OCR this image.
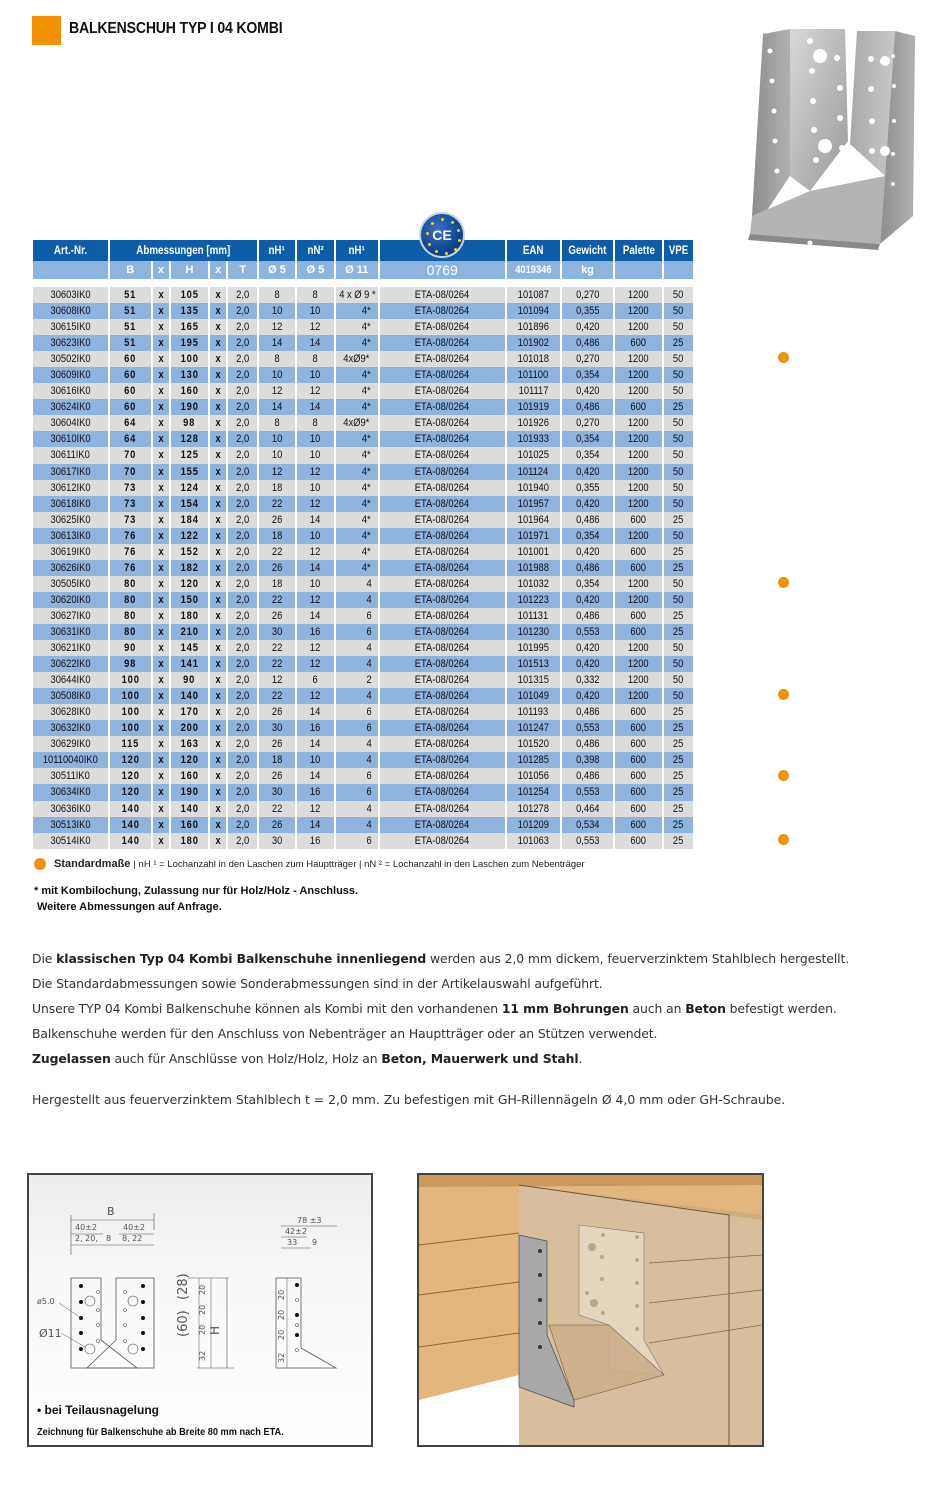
BALKENSCHUH TYP I 04 KOMBI
CE
Art.-Nr.	Abmessungen [mm]					nH¹	nN²	nH¹		EAN	Gewicht	Palette	VPE
	B	x	H	x	T	Ø 5	Ø 5	Ø 11	0769	4019346	kg		

30603IK0	51	x	105	x	2,0	8	8	4 x Ø 9 *	ETA-08/0264	101087	0,270	1200	50
30608IK0	51	x	135	x	2,0	10	10	4*	ETA-08/0264	101094	0,355	1200	50
30615IK0	51	x	165	x	2,0	12	12	4*	ETA-08/0264	101896	0,420	1200	50
30623IK0	51	x	195	x	2,0	14	14	4*	ETA-08/0264	101902	0,486	600	25
30502IK0	60	x	100	x	2,0	8	8	4xØ9*	ETA-08/0264	101018	0,270	1200	50
30609IK0	60	x	130	x	2,0	10	10	4*	ETA-08/0264	101100	0,354	1200	50
30616IK0	60	x	160	x	2,0	12	12	4*	ETA-08/0264	101117	0,420	1200	50
30624IK0	60	x	190	x	2,0	14	14	4*	ETA-08/0264	101919	0,486	600	25
30604IK0	64	x	98	x	2,0	8	8	4xØ9*	ETA-08/0264	101926	0,270	1200	50
30610IK0	64	x	128	x	2,0	10	10	4*	ETA-08/0264	101933	0,354	1200	50
30611IK0	70	x	125	x	2,0	10	10	4*	ETA-08/0264	101025	0,354	1200	50
30617IK0	70	x	155	x	2,0	12	12	4*	ETA-08/0264	101124	0,420	1200	50
30612IK0	73	x	124	x	2,0	18	10	4*	ETA-08/0264	101940	0,355	1200	50
30618IK0	73	x	154	x	2,0	22	12	4*	ETA-08/0264	101957	0,420	1200	50
30625IK0	73	x	184	x	2,0	26	14	4*	ETA-08/0264	101964	0,486	600	25
30613IK0	76	x	122	x	2,0	18	10	4*	ETA-08/0264	101971	0,354	1200	50
30619IK0	76	x	152	x	2,0	22	12	4*	ETA-08/0264	101001	0,420	600	25
30626IK0	76	x	182	x	2,0	26	14	4*	ETA-08/0264	101988	0,486	600	25
30505IK0	80	x	120	x	2,0	18	10	4	ETA-08/0264	101032	0,354	1200	50
30620IK0	80	x	150	x	2,0	22	12	4	ETA-08/0264	101223	0,420	1200	50
30627IK0	80	x	180	x	2,0	26	14	6	ETA-08/0264	101131	0,486	600	25
30631IK0	80	x	210	x	2,0	30	16	6	ETA-08/0264	101230	0,553	600	25
30621IK0	90	x	145	x	2,0	22	12	4	ETA-08/0264	101995	0,420	1200	50
30622IK0	98	x	141	x	2,0	22	12	4	ETA-08/0264	101513	0,420	1200	50
30644IK0	100	x	90	x	2,0	12	6	2	ETA-08/0264	101315	0,332	1200	50
30508IK0	100	x	140	x	2,0	22	12	4	ETA-08/0264	101049	0,420	1200	50
30628IK0	100	x	170	x	2,0	26	14	6	ETA-08/0264	101193	0,486	600	25
30632IK0	100	x	200	x	2,0	30	16	6	ETA-08/0264	101247	0,553	600	25
30629IK0	115	x	163	x	2,0	26	14	4	ETA-08/0264	101520	0,486	600	25
10110040IK0	120	x	120	x	2,0	18	10	4	ETA-08/0264	101285	0,398	600	25
30511IK0	120	x	160	x	2,0	26	14	6	ETA-08/0264	101056	0,486	600	25
30634IK0	120	x	190	x	2,0	30	16	6	ETA-08/0264	101254	0,553	600	25
30636IK0	140	x	140	x	2,0	22	12	4	ETA-08/0264	101278	0,464	600	25
30513IK0	140	x	160	x	2,0	26	14	4	ETA-08/0264	101209	0,534	600	25
30514IK0	140	x	180	x	2,0	30	16	6	ETA-08/0264	101063	0,553	600	25
Standardmaße |
nH ¹ = Lochanzahl in den Laschen zum Hauptträger
|
nN ² = Lochanzahl in den Laschen zum Nebenträger
* mit Kombilochung, Zulassung nur für Holz/Holz - Anschluss.
Weitere Abmessungen auf Anfrage.
Die klassischen Typ 04 Kombi Balkenschuhe innenliegend werden aus 2,0 mm dickem, feuerverzinktem Stahlblech hergestellt.
Die Standardabmessungen sowie Sonderabmessungen sind in der Artikelauswahl aufgeführt.
Unsere TYP 04 Kombi Balkenschuhe können als Kombi mit den vorhandenen 11 mm Bohrungen auch an Beton befestigt werden.
Balkenschuhe werden für den Anschluss von Nebenträger an Hauptträger oder an Stützen verwendet.
Zugelassen auch für Anschlüsse von Holz/Holz, Holz an Beton, Mauerwerk und Stahl.
Hergestellt aus feuerverzinktem Stahlblech t = 2,0 mm. Zu befestigen mit GH-Rillennägeln Ø 4,0 mm oder GH-Schraube.
B
40±2	40±2
2, 20, 8 8, 22
ø5.0
Ø11	(60)
(28)
H
32
20
20
20
78 ±3
42±2
33 9
20
20
20
32
• bei Teilausnagelung
Zeichnung für Balkenschuhe ab Breite 80 mm nach ETA.
